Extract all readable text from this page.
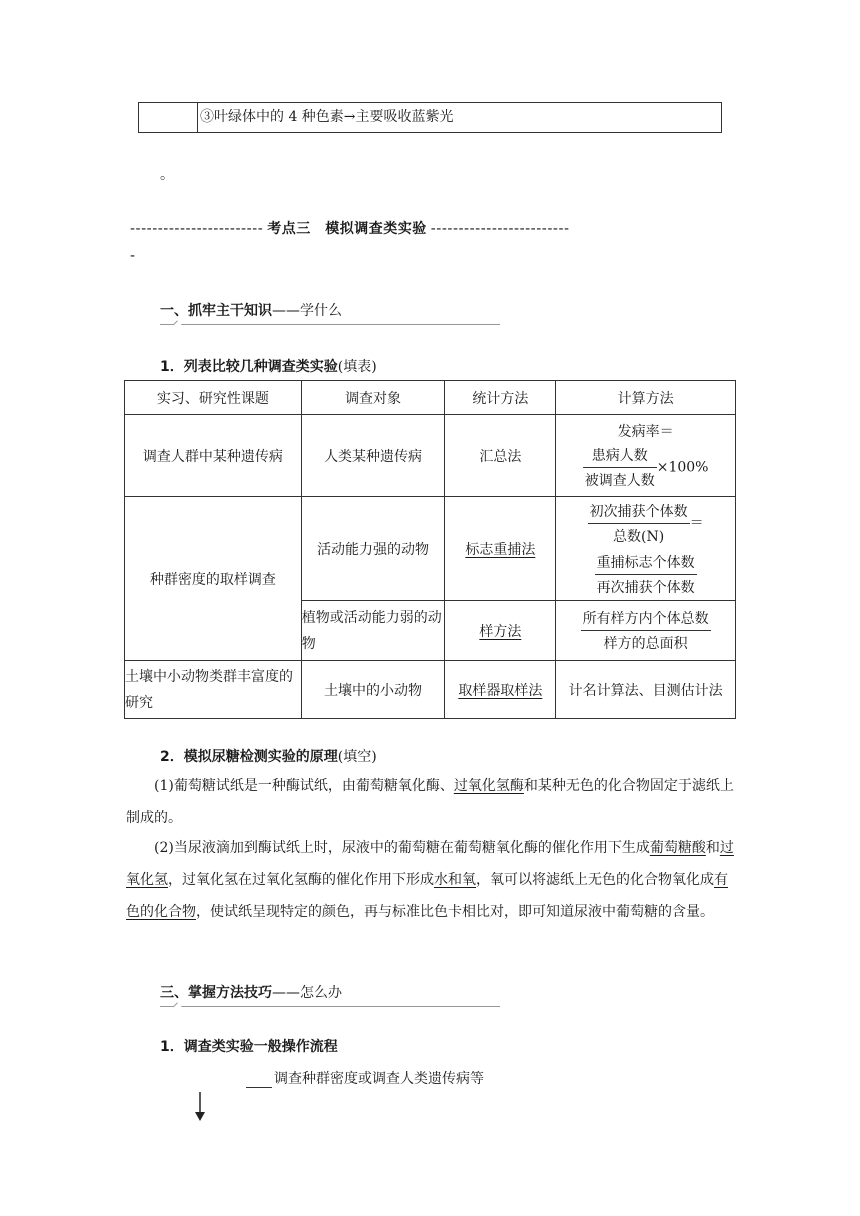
③叶绿体中的 4 种色素→主要吸收蓝紫光
。
------------------------ 考点三　模拟调查类实验 -------------------------
-
一、抓牢主干知识——学什么
1．列表比较几种调查类实验(填表)
实习、研究性课题	调查对象	统计方法	计算方法
调查人群中某种遗传病	人类某种遗传病	汇总法	发病率＝
$\frac{\text{患病人数}}{\text{被调查人数}} \times 100\%$
种群密度的取样调查	活动能力强的动物	标志重捕法	$\frac{\text{初次捕获个体数}}{\text{总数(N)}}$ ＝
$\frac{\text{重捕标志个体数}}{\text{再次捕获个体数}}$

	植物或活动能力弱的动物	样方法	$\frac{\text{所有样方内个体总数}}{\text{样方的总面积}}$

土壤中小动物类群丰富度的研究	土壤中的小动物	取样器取样法	计名计算法、目测估计法
2．模拟尿糖检测实验的原理(填空)
(1)葡萄糖试纸是一种酶试纸，由葡萄糖氧化酶、过氧化氢酶和某种无色的化合物固定于滤纸上制成的。
(2)当尿液滴加到酶试纸上时，尿液中的葡萄糖在葡萄糖氧化酶的催化作用下生成葡萄糖酸和过氧化氢，过氧化氢在过氧化氢酶的催化作用下形成水和氧，氧可以将滤纸上无色的化合物氧化成有色的化合物，使试纸呈现特定的颜色，再与标准比色卡相比对，即可知道尿液中葡萄糖的含量。
三、掌握方法技巧——怎么办
1．调查类实验一般操作流程
调查种群密度或调查人类遗传病等
